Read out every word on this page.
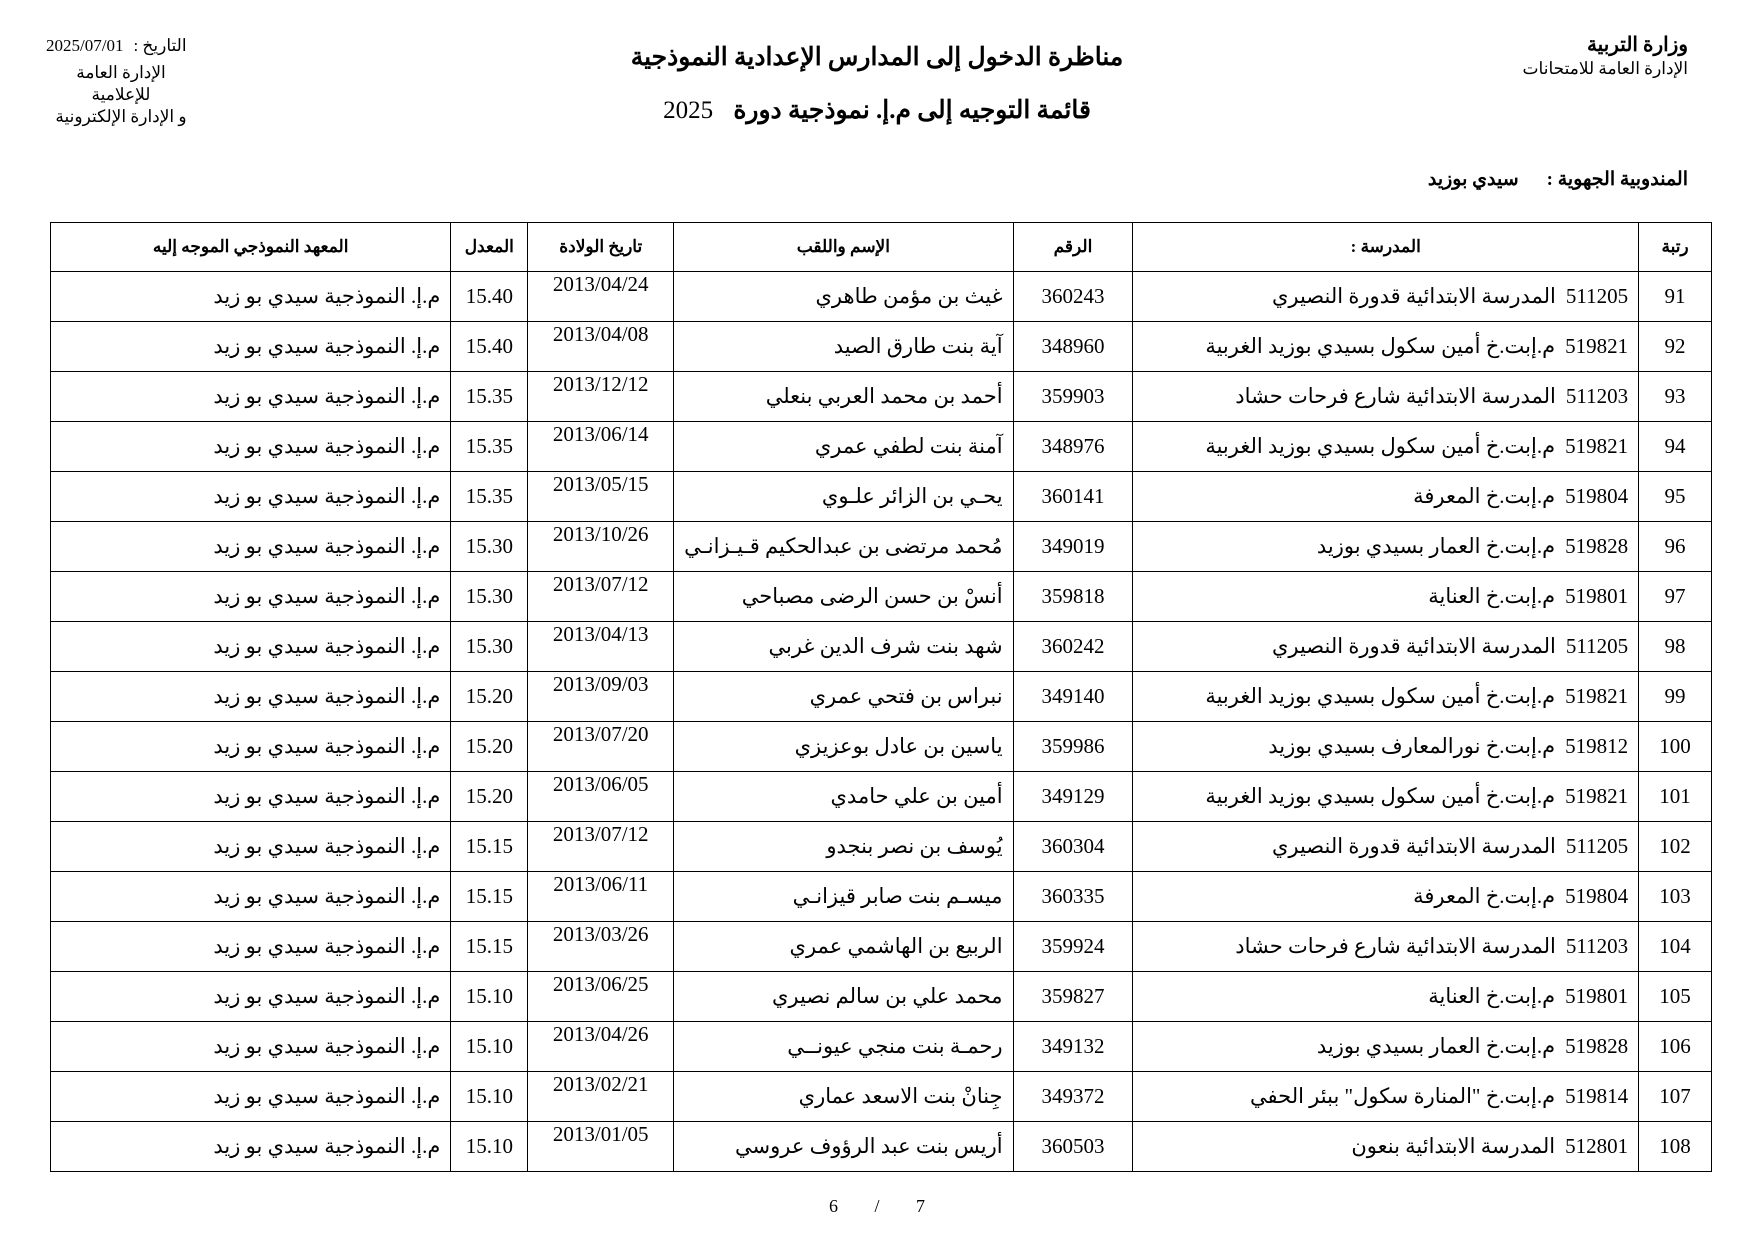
وزارة التربية
الإدارة العامة للامتحانات
مناظرة الدخول إلى المدارس الإعدادية النموذجية
قائمة التوجيه إلى م.إ. نموذجية دورة 2025
2025/07/01 التاريخ :
الإدارة العامة للإعلامية
و الإدارة الإلكترونية
المندوبية الجهوية :
سيدي بوزيد
رتبة	المدرسة :	الرقم	الإسم واللقب	تاريخ الولادة	المعدل	المعهد النموذجي الموجه إليه
91	511205المدرسة الابتدائية قدورة النصيري	360243	غيث بن مؤمن طاهري	2013/04/24	15.40	م.إ. النموذجية سيدي بو زيد
92	519821م.إبت.خ أمين سكول بسيدي بوزيد الغربية	348960	آية بنت طارق الصيد	2013/04/08	15.40	م.إ. النموذجية سيدي بو زيد
93	511203المدرسة الابتدائية شارع فرحات حشاد	359903	أحمد بن محمد العربي بنعلي	2013/12/12	15.35	م.إ. النموذجية سيدي بو زيد
94	519821م.إبت.خ أمين سكول بسيدي بوزيد الغربية	348976	آمنة بنت لطفي عمري	2013/06/14	15.35	م.إ. النموذجية سيدي بو زيد
95	519804م.إبت.خ المعرفة	360141	يحـي بن الزائر علـوي	2013/05/15	15.35	م.إ. النموذجية سيدي بو زيد
96	519828م.إبت.خ العمار بسيدي بوزيد	349019	مُحمد مرتضى بن عبدالحكيم قـيـزانـي	2013/10/26	15.30	م.إ. النموذجية سيدي بو زيد
97	519801م.إبت.خ العناية	359818	أنسْ بن حسن الرضى مصباحي	2013/07/12	15.30	م.إ. النموذجية سيدي بو زيد
98	511205المدرسة الابتدائية قدورة النصيري	360242	شهد بنت شرف الدين غربي	2013/04/13	15.30	م.إ. النموذجية سيدي بو زيد
99	519821م.إبت.خ أمين سكول بسيدي بوزيد الغربية	349140	نبراس بن فتحي عمري	2013/09/03	15.20	م.إ. النموذجية سيدي بو زيد
100	519812م.إبت.خ نورالمعارف بسيدي بوزيد	359986	ياسين بن عادل بوعزيزي	2013/07/20	15.20	م.إ. النموذجية سيدي بو زيد
101	519821م.إبت.خ أمين سكول بسيدي بوزيد الغربية	349129	أمين بن علي حامدي	2013/06/05	15.20	م.إ. النموذجية سيدي بو زيد
102	511205المدرسة الابتدائية قدورة النصيري	360304	يُوسف بن نصر بنجدو	2013/07/12	15.15	م.إ. النموذجية سيدي بو زيد
103	519804م.إبت.خ المعرفة	360335	ميسـم بنت صابر قيزانـي	2013/06/11	15.15	م.إ. النموذجية سيدي بو زيد
104	511203المدرسة الابتدائية شارع فرحات حشاد	359924	الربيع بن الهاشمي عمري	2013/03/26	15.15	م.إ. النموذجية سيدي بو زيد
105	519801م.إبت.خ العناية	359827	محمد علي بن سالم نصيري	2013/06/25	15.10	م.إ. النموذجية سيدي بو زيد
106	519828م.إبت.خ العمار بسيدي بوزيد	349132	رحمـة بنت منجي عيونــي	2013/04/26	15.10	م.إ. النموذجية سيدي بو زيد
107	519814م.إبت.خ "المنارة سكول" ببئر الحفي	349372	جِنانْ بنت الاسعد عماري	2013/02/21	15.10	م.إ. النموذجية سيدي بو زيد
108	512801المدرسة الابتدائية بنعون	360503	أريس بنت عبد الرؤوف عروسي	2013/01/05	15.10	م.إ. النموذجية سيدي بو زيد
6 / 7
